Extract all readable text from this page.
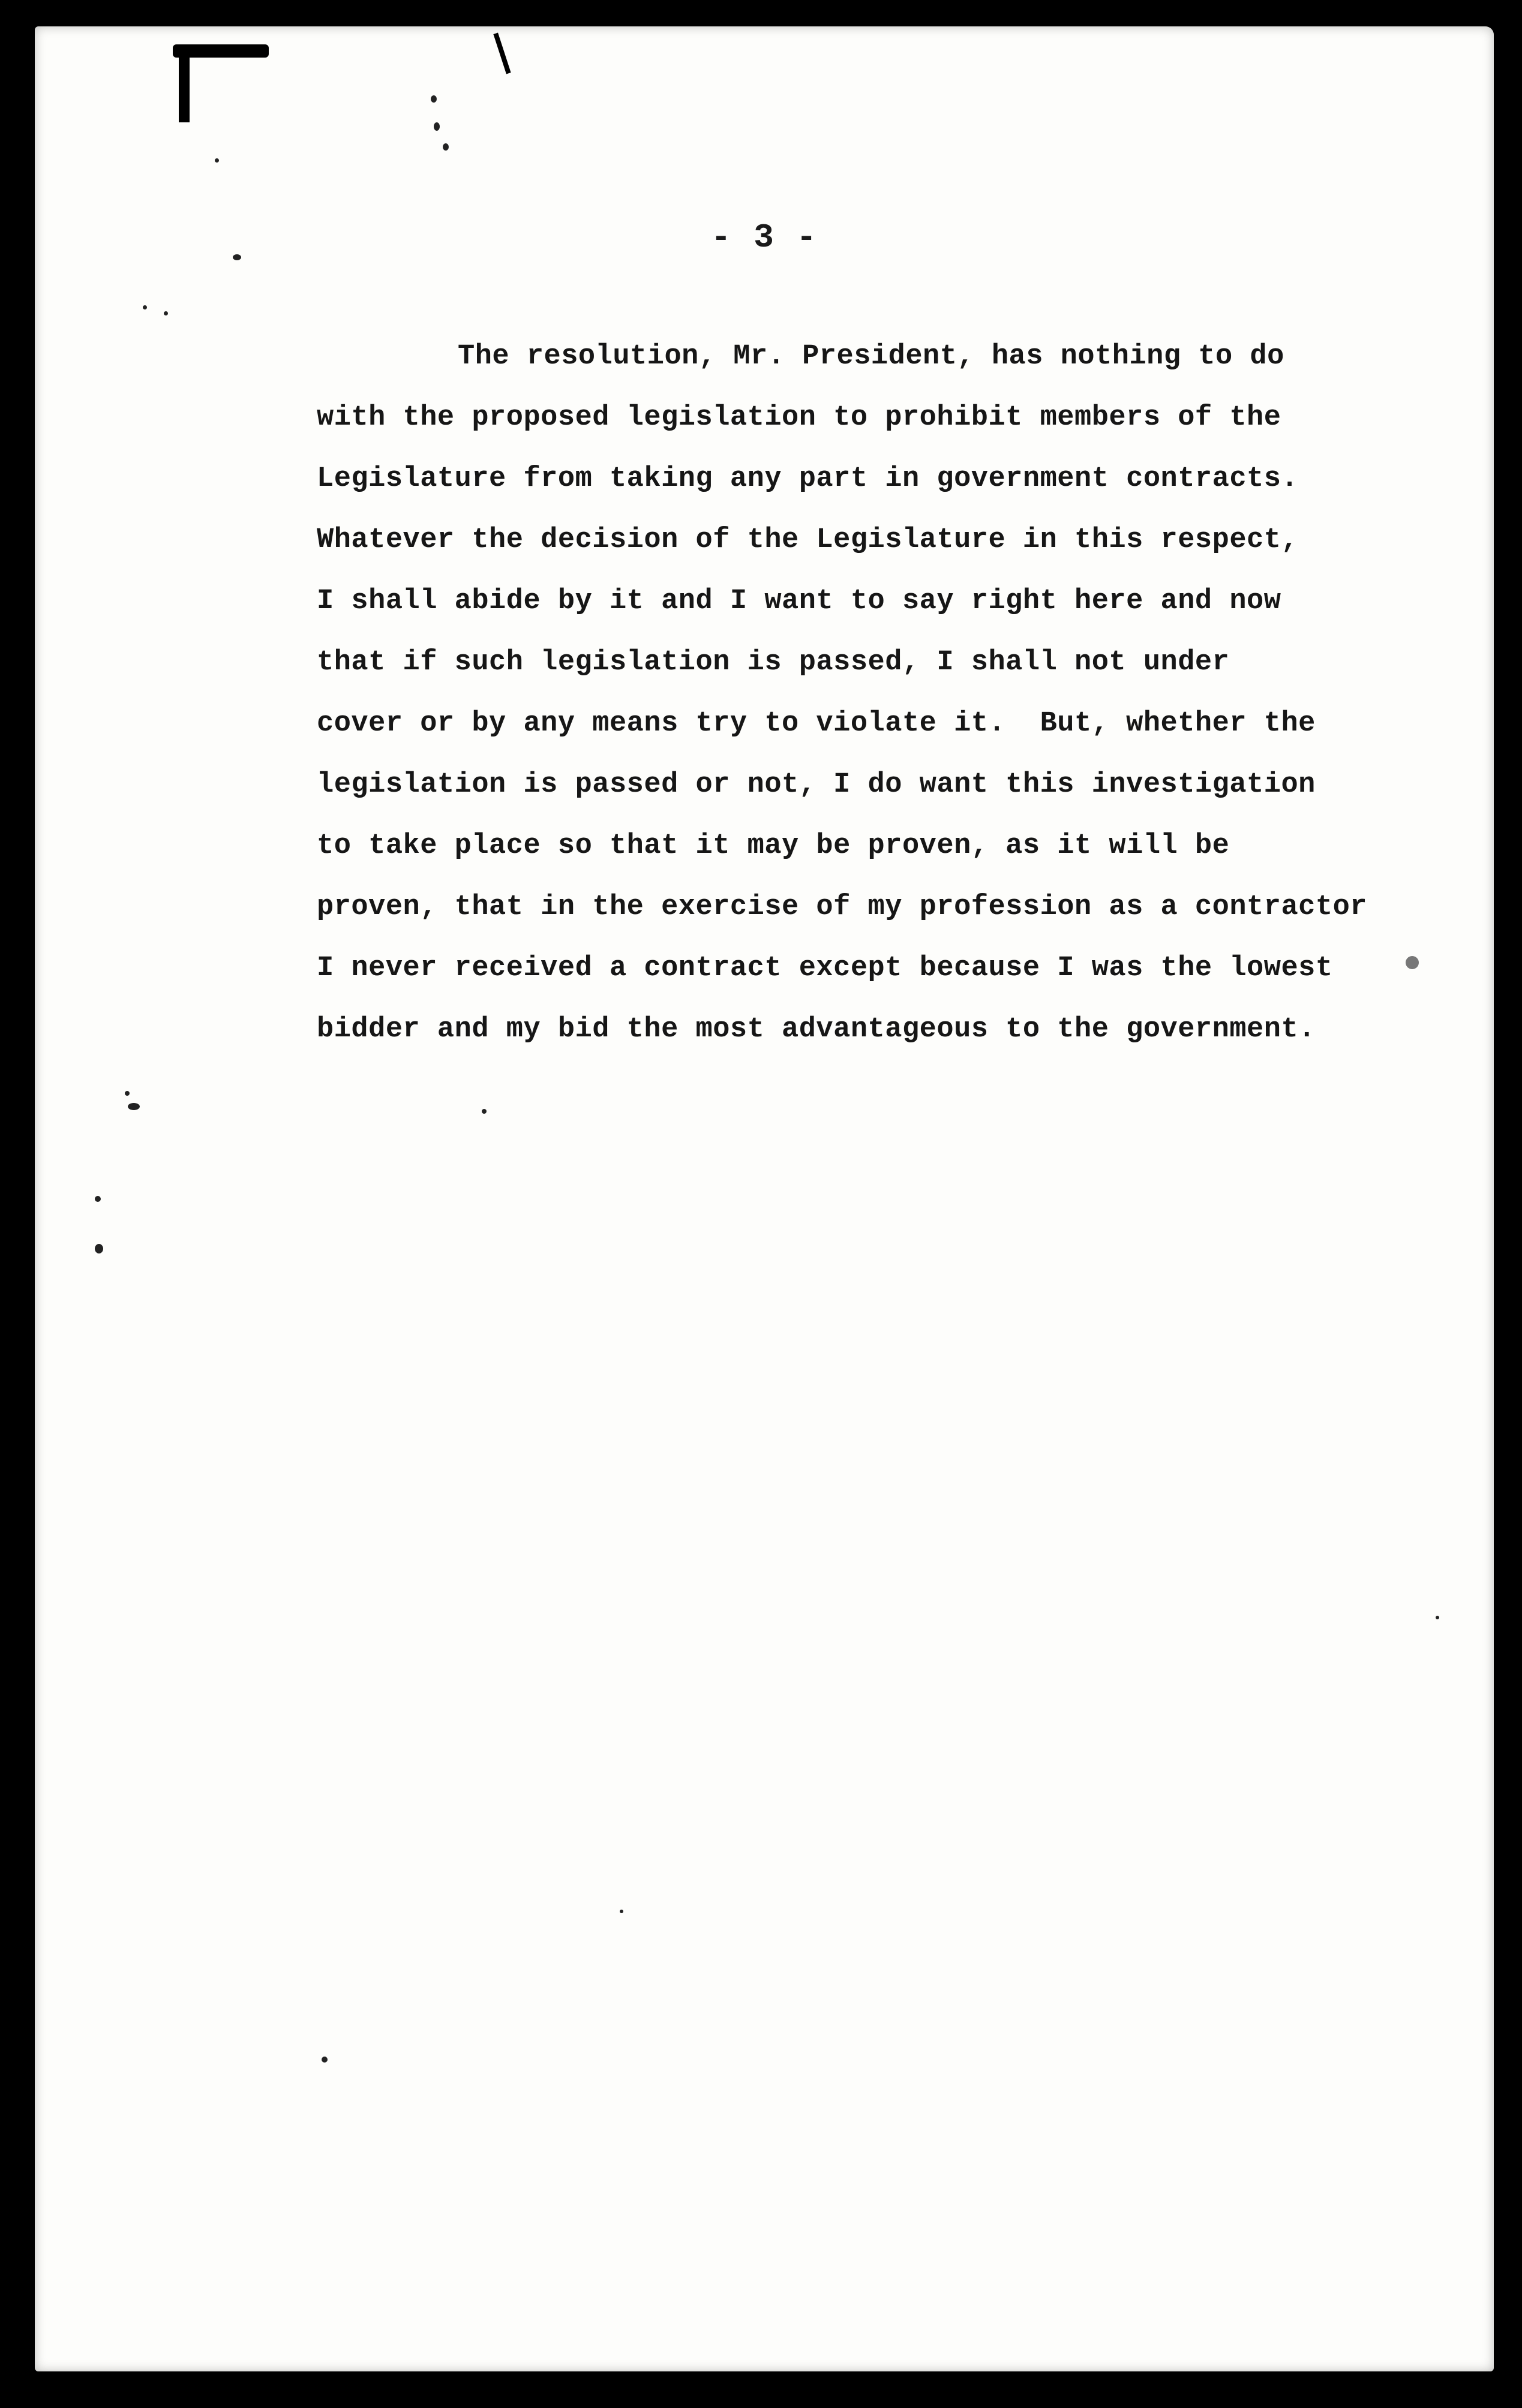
- 3 -
The resolution, Mr. President, has nothing to do
with the proposed legislation to prohibit members of the
Legislature from taking any part in government contracts.
Whatever the decision of the Legislature in this respect,
I shall abide by it and I want to say right here and now
that if such legislation is passed, I shall not under
cover or by any means try to violate it.  But, whether the
legislation is passed or not, I do want this investigation
to take place so that it may be proven, as it will be
proven, that in the exercise of my profession as a contractor
I never received a contract except because I was the lowest
bidder and my bid the most advantageous to the government.
